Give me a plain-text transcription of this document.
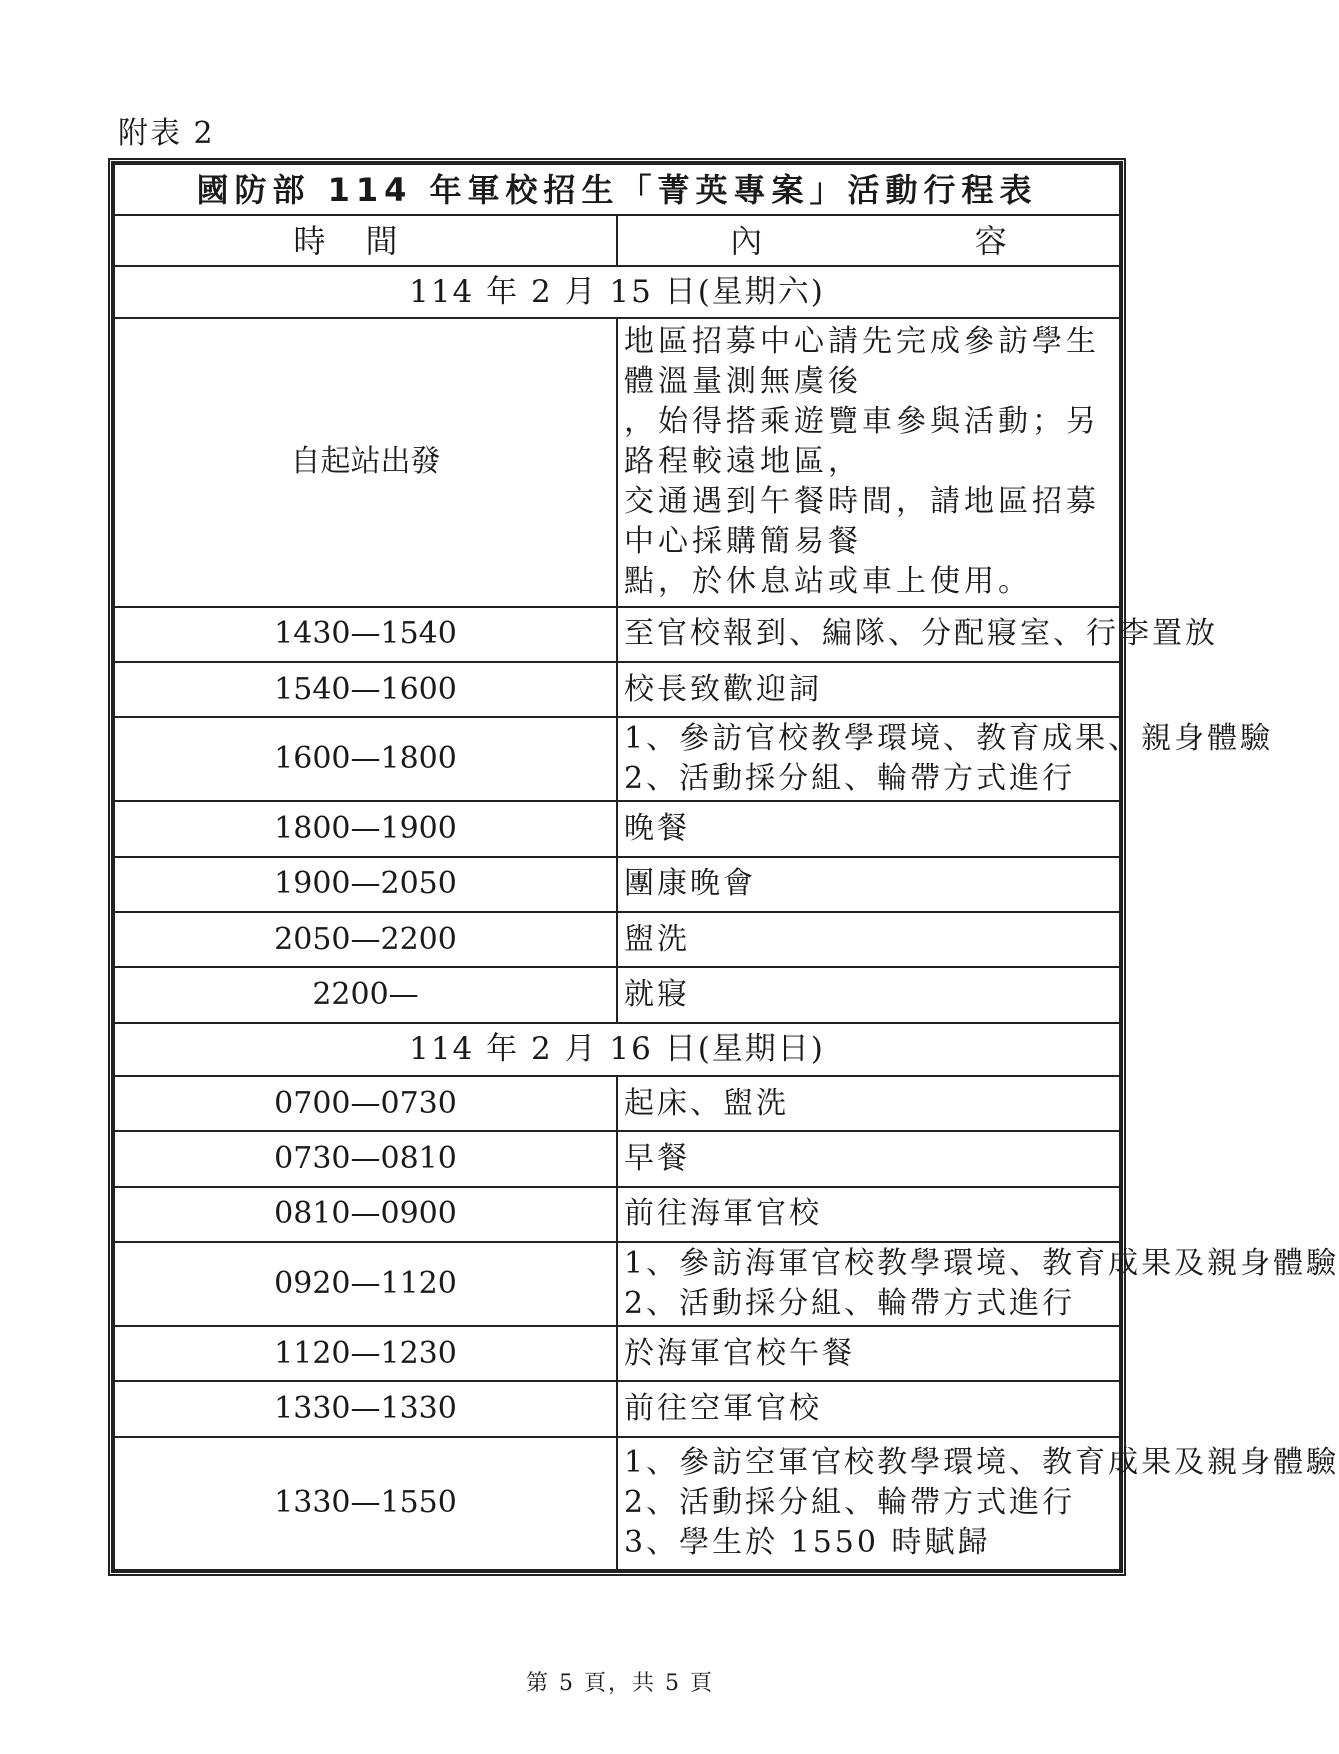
附表 2
國防部 114 年軍校招生「菁英專案」活動行程表	
時間	內 容

114 年 2 月 15 日(星期六)	
自起站出發	地區招募中心請先完成參訪學生體溫量測無虞後
，始得搭乘遊覽車參與活動；另路程較遠地區，
交通遇到午餐時間，請地區招募中心採購簡易餐
點，於休息站或車上使用。

1430—1540	至官校報到、編隊、分配寢室、行李置放

1540—1600	校長致歡迎詞

1600—1800	1、參訪官校教學環境、教育成果、親身體驗
2、活動採分組、輪帶方式進行

1800—1900	晚餐

1900—2050	團康晚會

2050—2200	盥洗

2200—	就寢

114 年 2 月 16 日(星期日)	
0700—0730	起床、盥洗

0730—0810	早餐

0810—0900	前往海軍官校

0920—1120	1、參訪海軍官校教學環境、教育成果及親身體驗
2、活動採分組、輪帶方式進行

1120—1230	於海軍官校午餐

1330—1330	前往空軍官校

1330—1550	1、參訪空軍官校教學環境、教育成果及親身體驗
2、活動採分組、輪帶方式進行
3、學生於 1550 時賦歸
第 5 頁，共 5 頁
